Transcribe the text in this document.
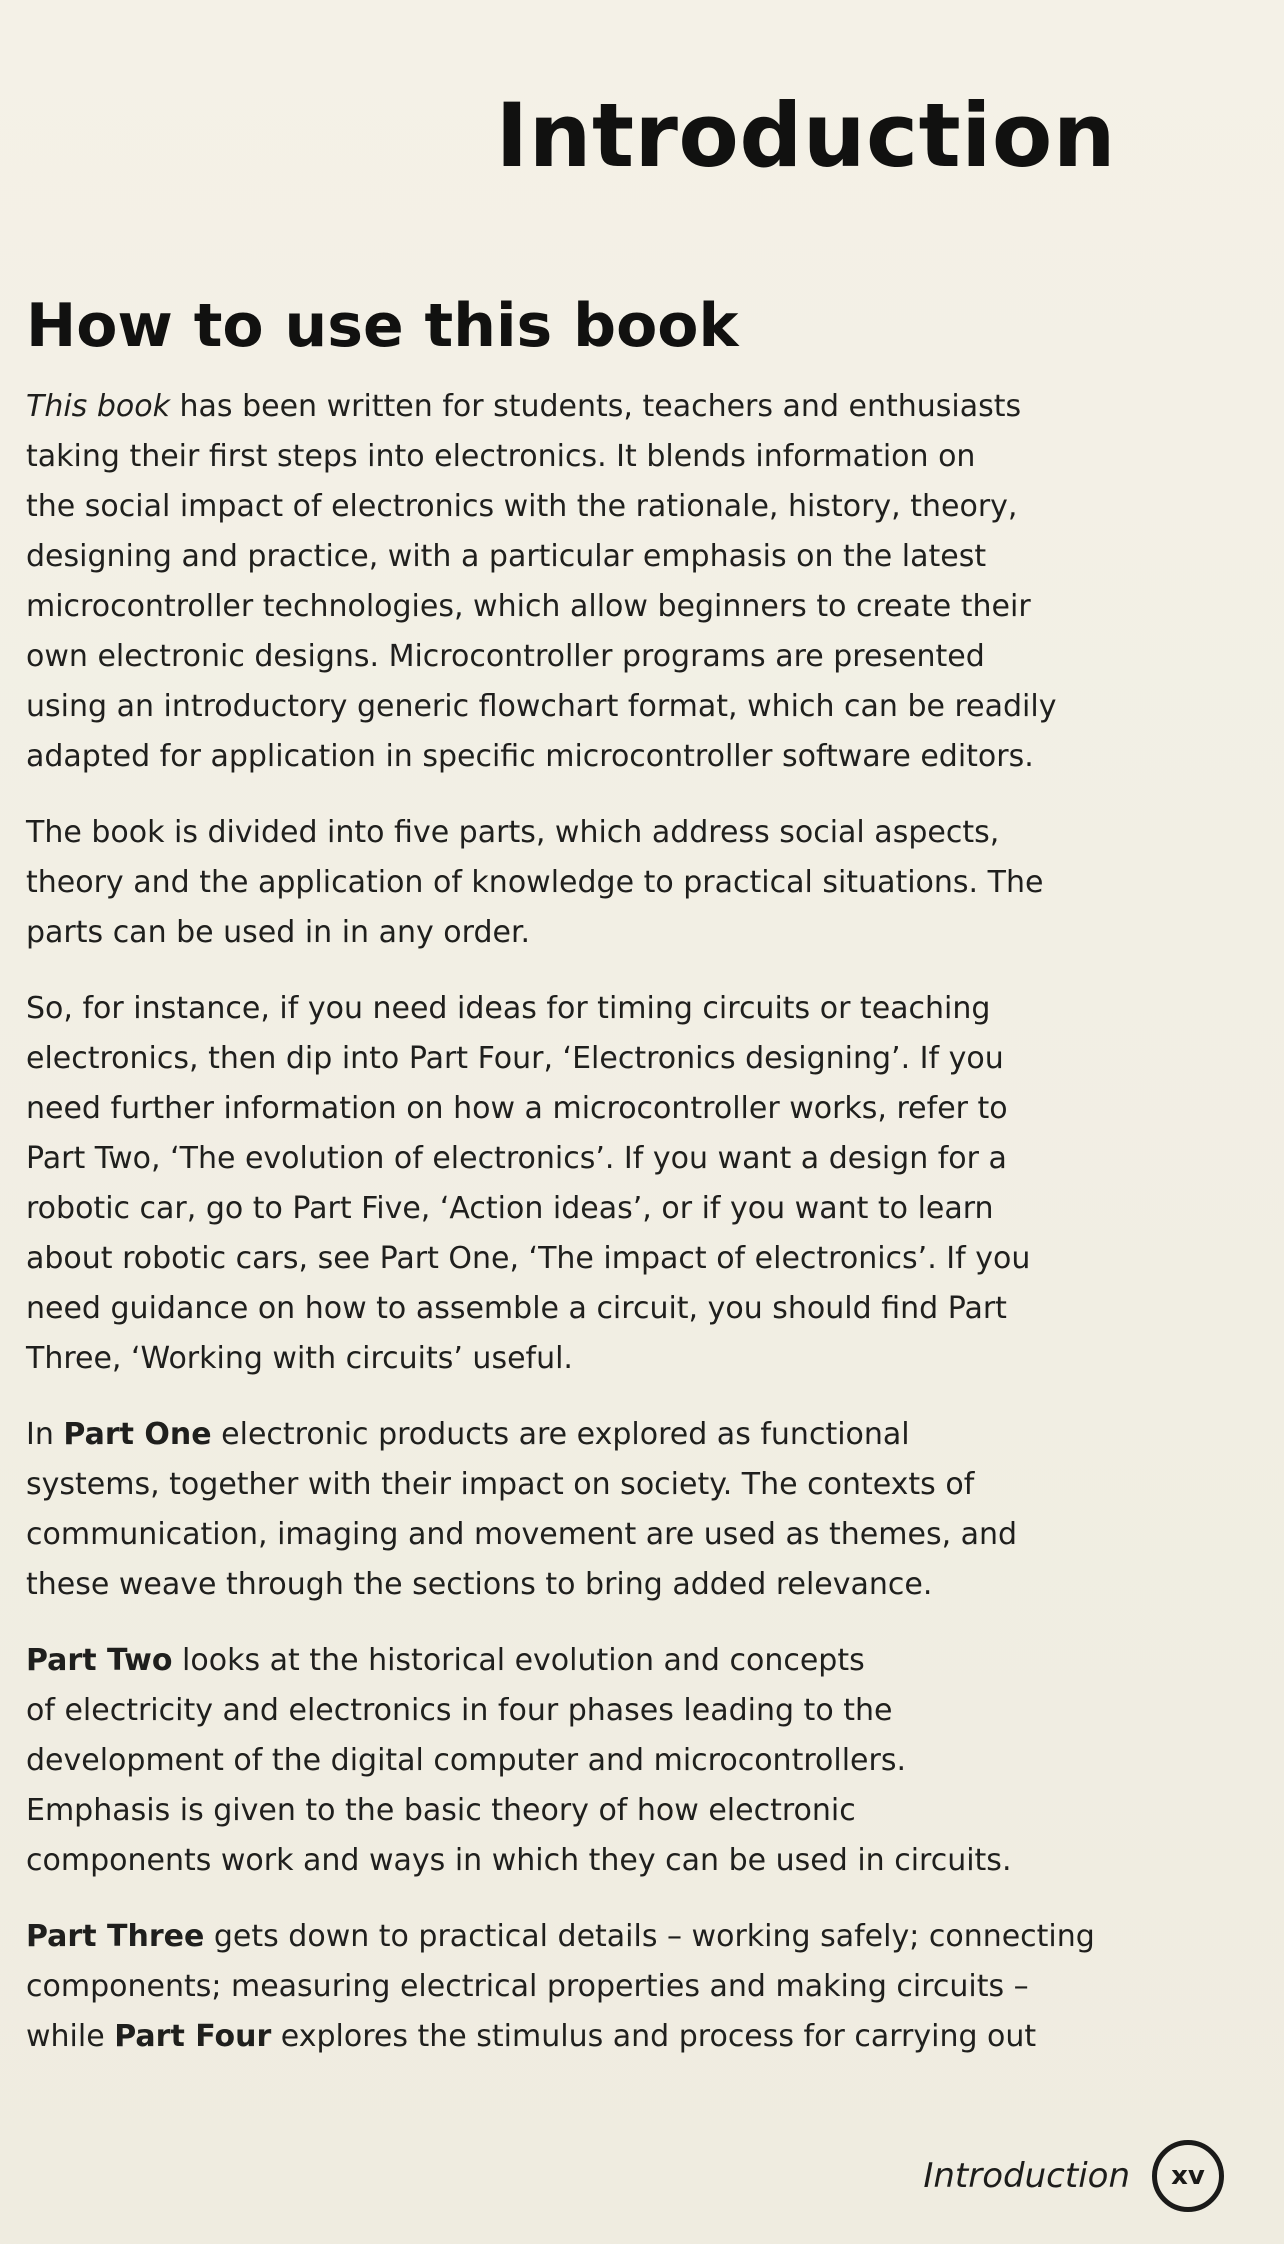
Introduction
How to use this book

This book has been written for students, teachers and enthusiasts
taking their first steps into electronics. It blends information on
the social impact of electronics with the rationale, history, theory,
designing and practice, with a particular emphasis on the latest
microcontroller technologies, which allow beginners to create their
own electronic designs. Microcontroller programs are presented
using an introductory generic flowchart format, which can be readily
adapted for application in specific microcontroller software editors.

The book is divided into five parts, which address social aspects,
theory and the application of knowledge to practical situations. The
parts can be used in in any order.

So, for instance, if you need ideas for timing circuits or teaching
electronics, then dip into Part Four, ‘Electronics designing’. If you
need further information on how a microcontroller works, refer to
Part Two, ‘The evolution of electronics’. If you want a design for a
robotic car, go to Part Five, ‘Action ideas’, or if you want to learn
about robotic cars, see Part One, ‘The impact of electronics’. If you
need guidance on how to assemble a circuit, you should find Part
Three, ‘Working with circuits’ useful.

In Part One electronic products are explored as functional
systems, together with their impact on society. The contexts of
communication, imaging and movement are used as themes, and
these weave through the sections to bring added relevance.

Part Two looks at the historical evolution and concepts
of electricity and electronics in four phases leading to the
development of the digital computer and microcontrollers.
Emphasis is given to the basic theory of how electronic
components work and ways in which they can be used in circuits.

Part Three gets down to practical details – working safely; connecting
components; measuring electrical properties and making circuits –
while Part Four explores the stimulus and process for carrying out

Introduction xv
